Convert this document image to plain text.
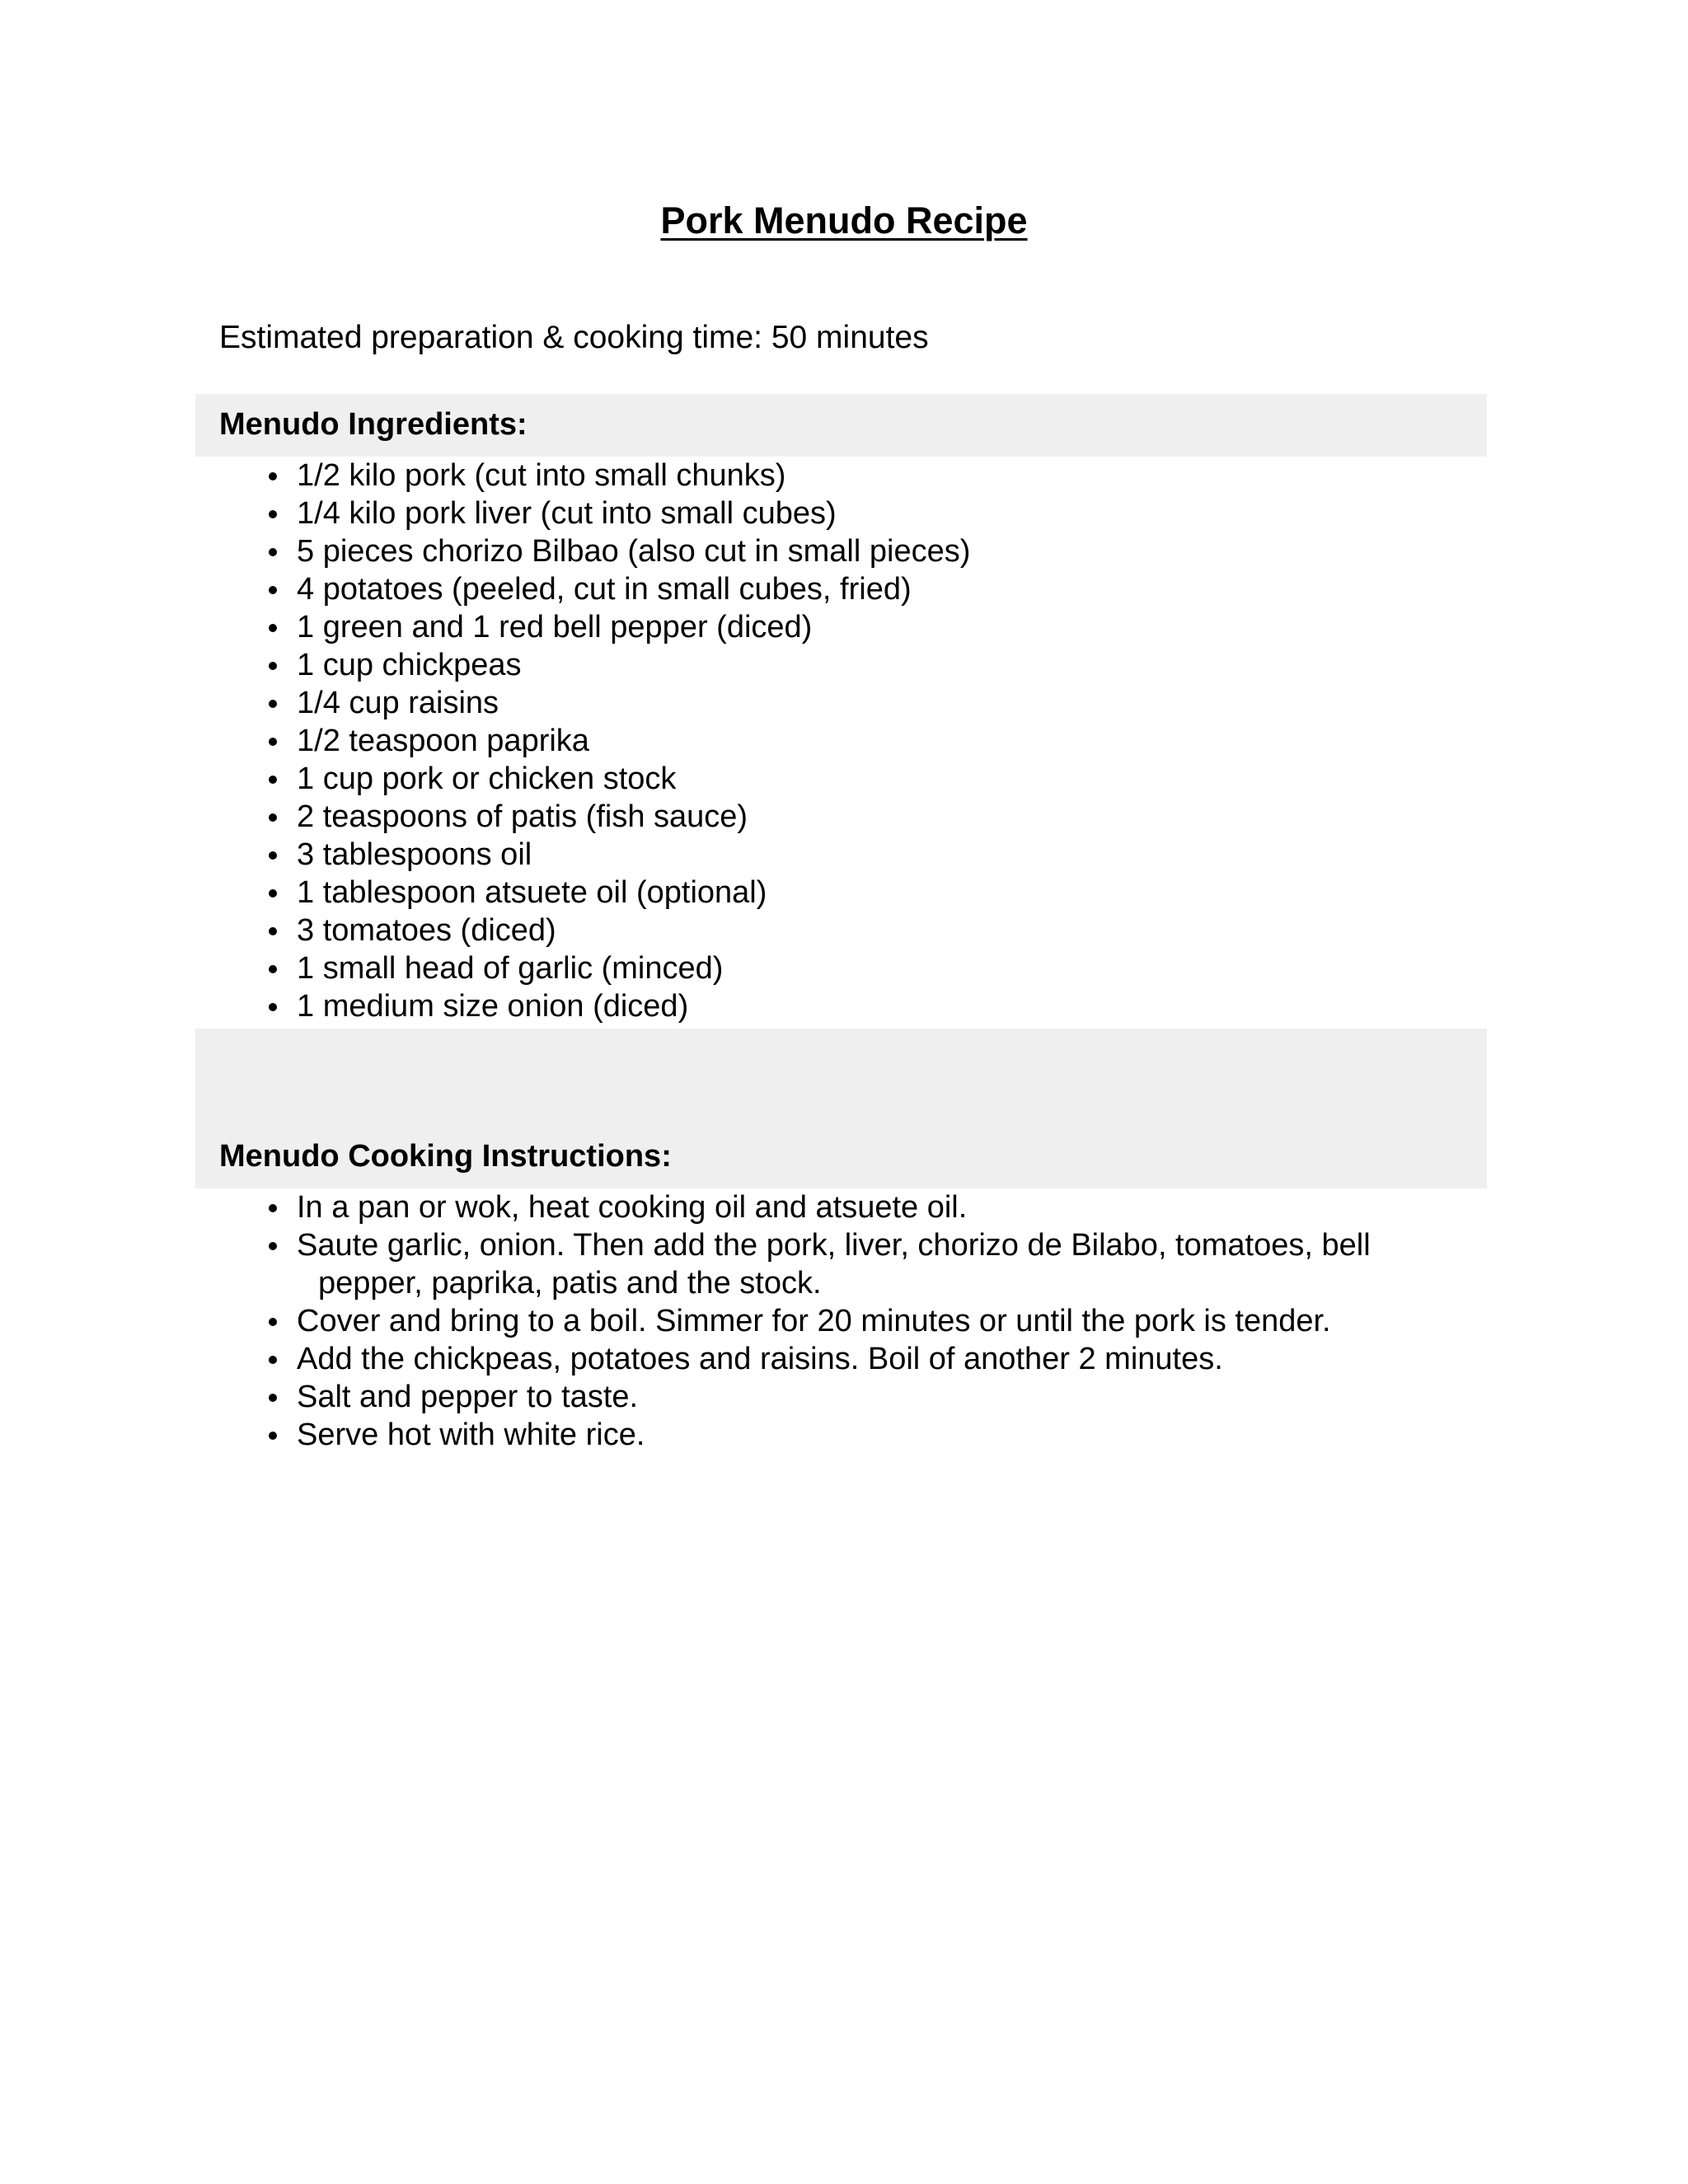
Pork Menudo Recipe

Estimated preparation & cooking time: 50 minutes

Menudo Ingredients:
1/2 kilo pork (cut into small chunks)
1/4 kilo pork liver (cut into small cubes)
5 pieces chorizo Bilbao (also cut in small pieces)
4 potatoes (peeled, cut in small cubes, fried)
1 green and 1 red bell pepper (diced)
1 cup chickpeas
1/4 cup raisins
1/2 teaspoon paprika
1 cup pork or chicken stock
2 teaspoons of patis (fish sauce)
3 tablespoons oil
1 tablespoon atsuete oil (optional)
3 tomatoes (diced)
1 small head of garlic (minced)
1 medium size onion (diced)
Menudo Cooking Instructions:
In a pan or wok, heat cooking oil and atsuete oil.
Saute garlic, onion. Then add the pork, liver, chorizo de Bilabo, tomatoes, bell
pepper, paprika, patis and the stock.
Cover and bring to a boil. Simmer for 20 minutes or until the pork is tender.
Add the chickpeas, potatoes and raisins. Boil of another 2 minutes.
Salt and pepper to taste.
Serve hot with white rice.
